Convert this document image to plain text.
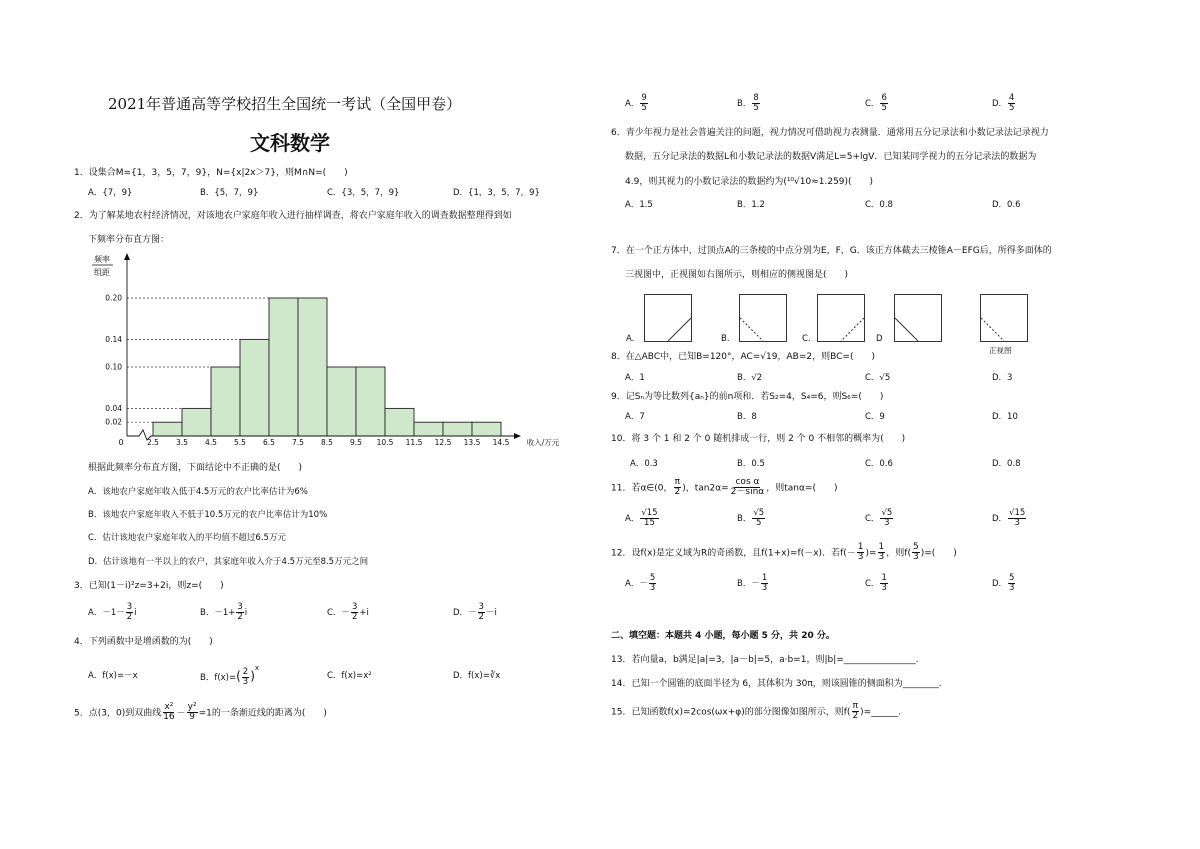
2021年普通高等学校招生全国统一考试（全国甲卷）
文科数学
1．设集合M={1，3，5，7，9}，N={x|2x＞7}，则M∩N=(　　)
A．{7，9}	B．{5，7，9}	C．{3，5，7，9}	D．{1，3，5，7，9}
2．为了解某地农村经济情况，对该地农户家庭年收入进行抽样调查，将农户家庭年收入的调查数据整理得到如
下频率分布直方图：
频率
组距
0.20
0.14
0.10
0.04
0.02
0	2.5 3.5 4.5 5.5 6.5 7.5 8.5 9.5 10.5 11.5 12.5 13.5 14.5 收入/万元
根据此频率分布直方图，下面结论中不正确的是(　　)
A．该地农户家庭年收入低于4.5万元的农户比率估计为6%
B．该地农户家庭年收入不低于10.5万元的农户比率估计为10%
C．估计该地农户家庭年收入的平均值不超过6.5万元
D．估计该地有一半以上的农户，其家庭年收入介于4.5万元至8.5万元之间
3．已知(1－i)²z=3+2i，则z=(　　)
A．$-1- \frac{3}{2}$ i	B．$-1+ \frac{3}{2}$ i	C．－ $\frac{3}{2} +i$	D．－ $\frac{3}{2} -i$
4．下列函数中是增函数的为(　　)
A．f(x)=－x	B．$f(x)=( \frac{2}{3} )^x$
C．f(x)=x²	D．f(x)=∛x
5．点(3，0)到双曲线 $\frac{\text{x²}}{16} - \frac{\text{y²}}{9} =1$的一条渐近线的距离为(　　)
A． $\frac{9}{5}$	B． $\frac{8}{5}$	C． $\frac{6}{5}$	D． $\frac{4}{5}$
6．青少年视力是社会普遍关注的问题，视力情况可借助视力表测量．通常用五分记录法和小数记录法记录视力
数据，五分记录法的数据L和小数记录法的数据V满足L=5+lgV．已知某同学视力的五分记录法的数据为
4.9，则其视力的小数记录法的数据约为(¹⁰√10≈1.259)(　　)
A．1.5	B．1.2	C．0.8	D．0.6
7．在一个正方体中，过顶点A的三条棱的中点分别为E，F，G．该正方体截去三棱锥A－EFG后，所得多面体的
三视图中，正视图如右图所示，则相应的侧视图是(　　)
A.	B.	C.	D
正视图
8．在△ABC中，已知B=120°，AC=√19，AB=2，则BC=(　　)
A．1	B．√2	C．√5	D．3
9．记Sₙ为等比数列{aₙ}的前n项和．若S₂=4，S₄=6，则S₆=(　　)
A．7	B．8	C．9	D．10
10．将 3 个 1 和 2 个 0 随机排成一行，则 2 个 0 不相邻的概率为(　　)
A．0.3	B．0.5	C．0.6	D．0.8
11．若α∈(0， $\frac{\pi}{2}$ )，$\tan 2\alpha= \frac{\text{cos α}}{2-\sin\alpha}$ ，则tanα=(　　)
A． $\frac{√15}{15}$	B． $\frac{√5}{5}$	C． $\frac{√5}{3}$	D． $\frac{√15}{3}$
12．设f(x)是定义域为R的奇函数，且f(1+x)=f(－x)．若$f(- \frac{1}{3}$ )= $\frac{1}{3}$ ，则$f( \frac{5}{3}$ )=(　　)
A．－ $\frac{5}{3}$	B．－ $\frac{1}{3}$	C． $\frac{1}{3}$	D． $\frac{5}{3}$
二、填空题：本题共 4 小题，每小题 5 分，共 20 分。
13．若向量a，b满足|a|=3，|a－b|=5，a·b=1，则|b|=________________.
14．已知一个圆锥的底面半径为 6，其体积为 30π，则该圆锥的侧面积为________.
15．已知函数f(x)=2cos(ωx+φ)的部分图像如图所示，则$f( \frac{\pi}{2}$ )=______.
